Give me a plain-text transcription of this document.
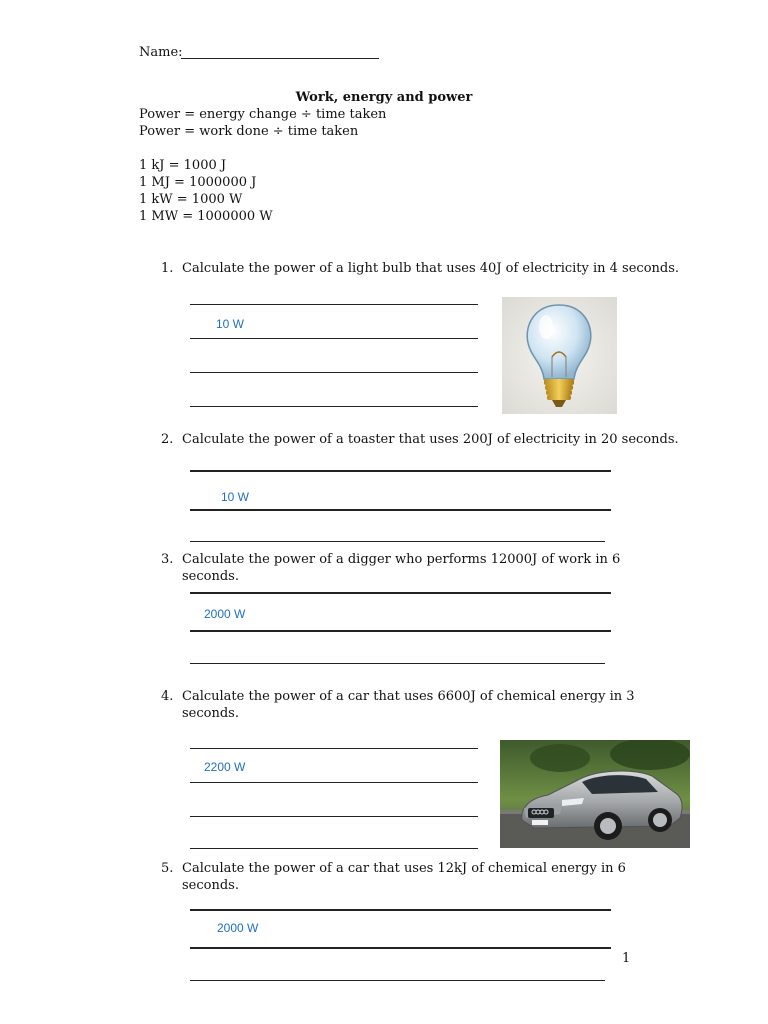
Name:
Work, energy and power
Power = energy change ÷ time taken
Power = work done ÷ time taken
1 kJ = 1000 J
1 MJ = 1000000 J
1 kW = 1000 W
1 MW = 1000000 W
1. Calculate the power of a light bulb that uses 40J of electricity in 4 seconds.
10 W
2. Calculate the power of a toaster that uses 200J of electricity in 20 seconds.
10 W
3. Calculate the power of a digger who performs 12000J of work in 6
seconds.
2000 W
4. Calculate the power of a car that uses 6600J of chemical energy in 3
seconds.
2200 W
5. Calculate the power of a car that uses 12kJ of chemical energy in 6
seconds.
2000 W
1
